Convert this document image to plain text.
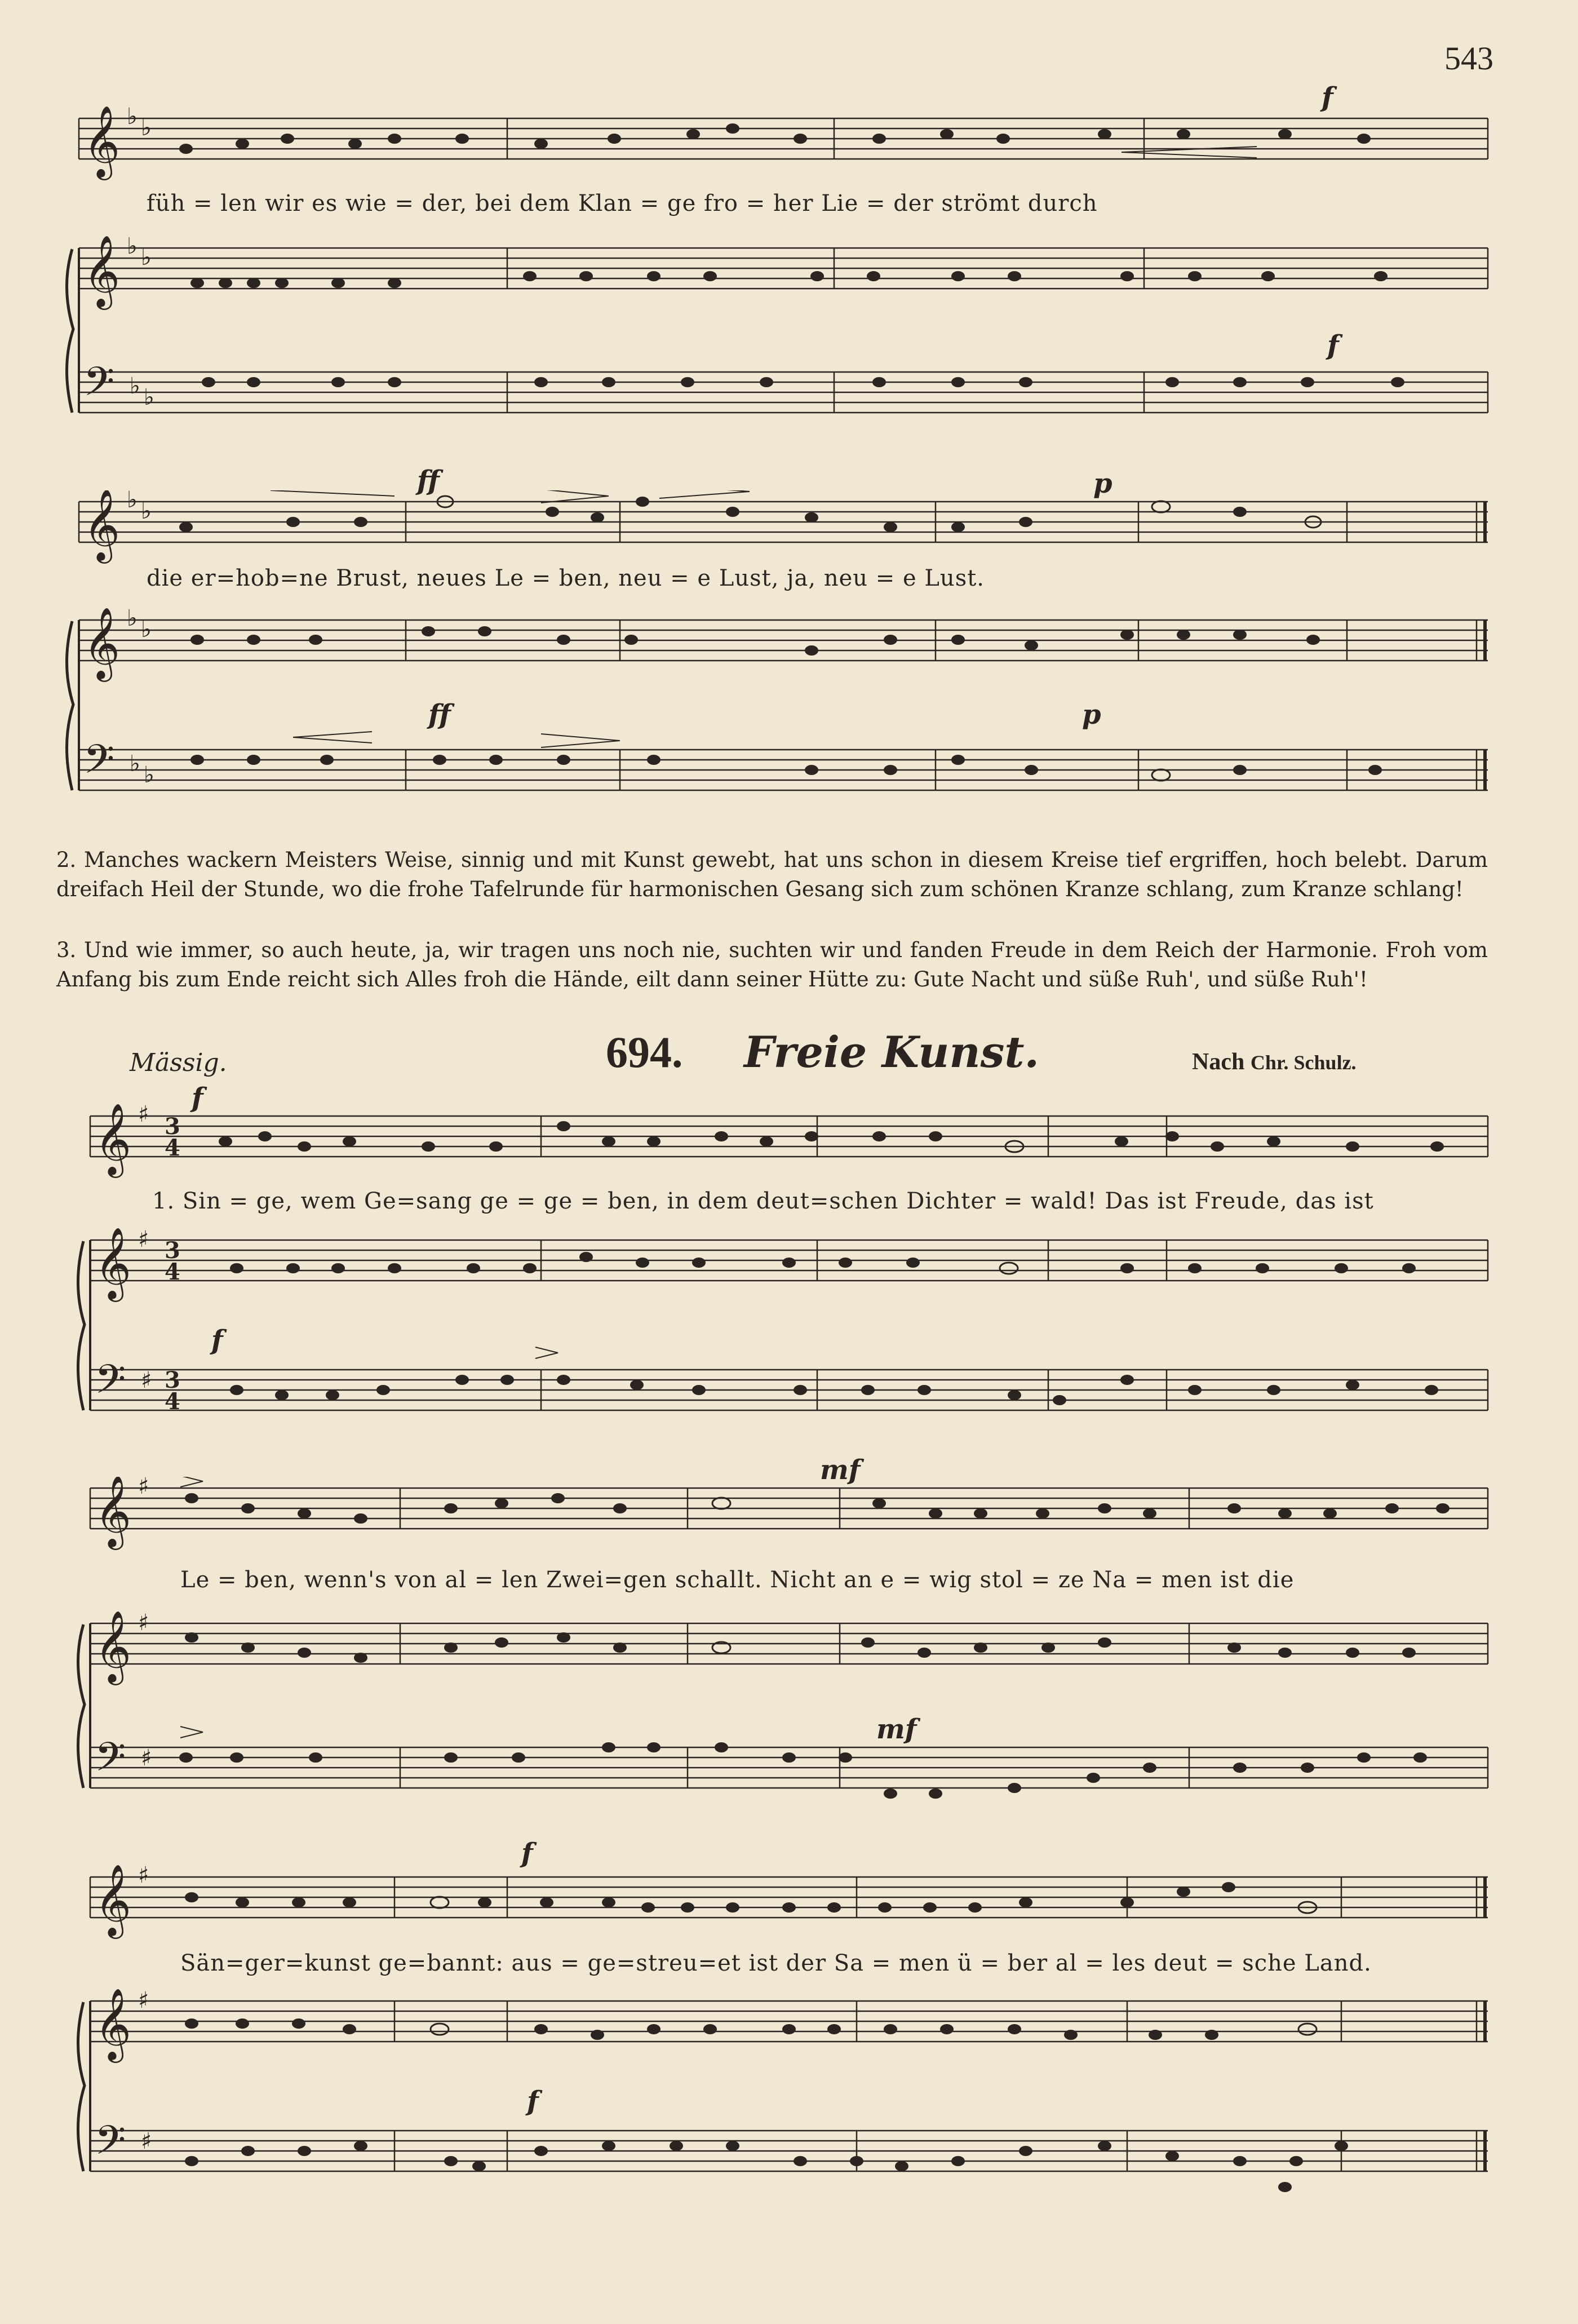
543
𝄞
𝄞
𝄢
♭ ♭
♭ ♭
♭ ♭
f
f
füh = len wir es wie = der, bei dem Klan = ge fro = her Lie = der strömt durch
𝄞
𝄞
𝄢
♭ ♭
♭ ♭
♭ ♭
ff	p
ff	p
die er=hob=ne Brust, neues Le = ben, neu = e Lust, ja, neu = e Lust.
2. Manches wackern Meisters Weise, sinnig und mit Kunst gewebt, hat uns schon in diesem Kreise tief ergriffen, hoch belebt. Darum dreifach Heil der Stunde, wo die frohe Tafelrunde für harmonischen Gesang sich zum schönen Kranze schlang, zum Kranze schlang!
3. Und wie immer, so auch heute, ja, wir tragen uns noch nie, suchten wir und fanden Freude in dem Reich der Harmonie. Froh vom Anfang bis zum Ende reicht sich Alles froh die Hände, eilt dann seiner Hütte zu: Gute Nacht und süße Ruh', und süße Ruh'!
Mässig.	694. Freie Kunst.	Nach Chr. Schulz.
𝄞
𝄞
𝄢
♯
♯
♯
3
4
3
4
3
4
f
f
1. Sin = ge, wem Ge=sang ge = ge = ben, in dem deut=schen Dichter = wald! Das ist Freude, das ist
𝄞
𝄞
𝄢
♯
♯
♯
mf
mf
Le = ben, wenn's von al = len Zwei=gen schallt. Nicht an e = wig stol = ze Na = men ist die
𝄞
𝄞
𝄢
♯
♯
♯
f
f
Sän=ger=kunst ge=bannt: aus = ge=streu=et ist der Sa = men ü = ber al = les deut = sche Land.
